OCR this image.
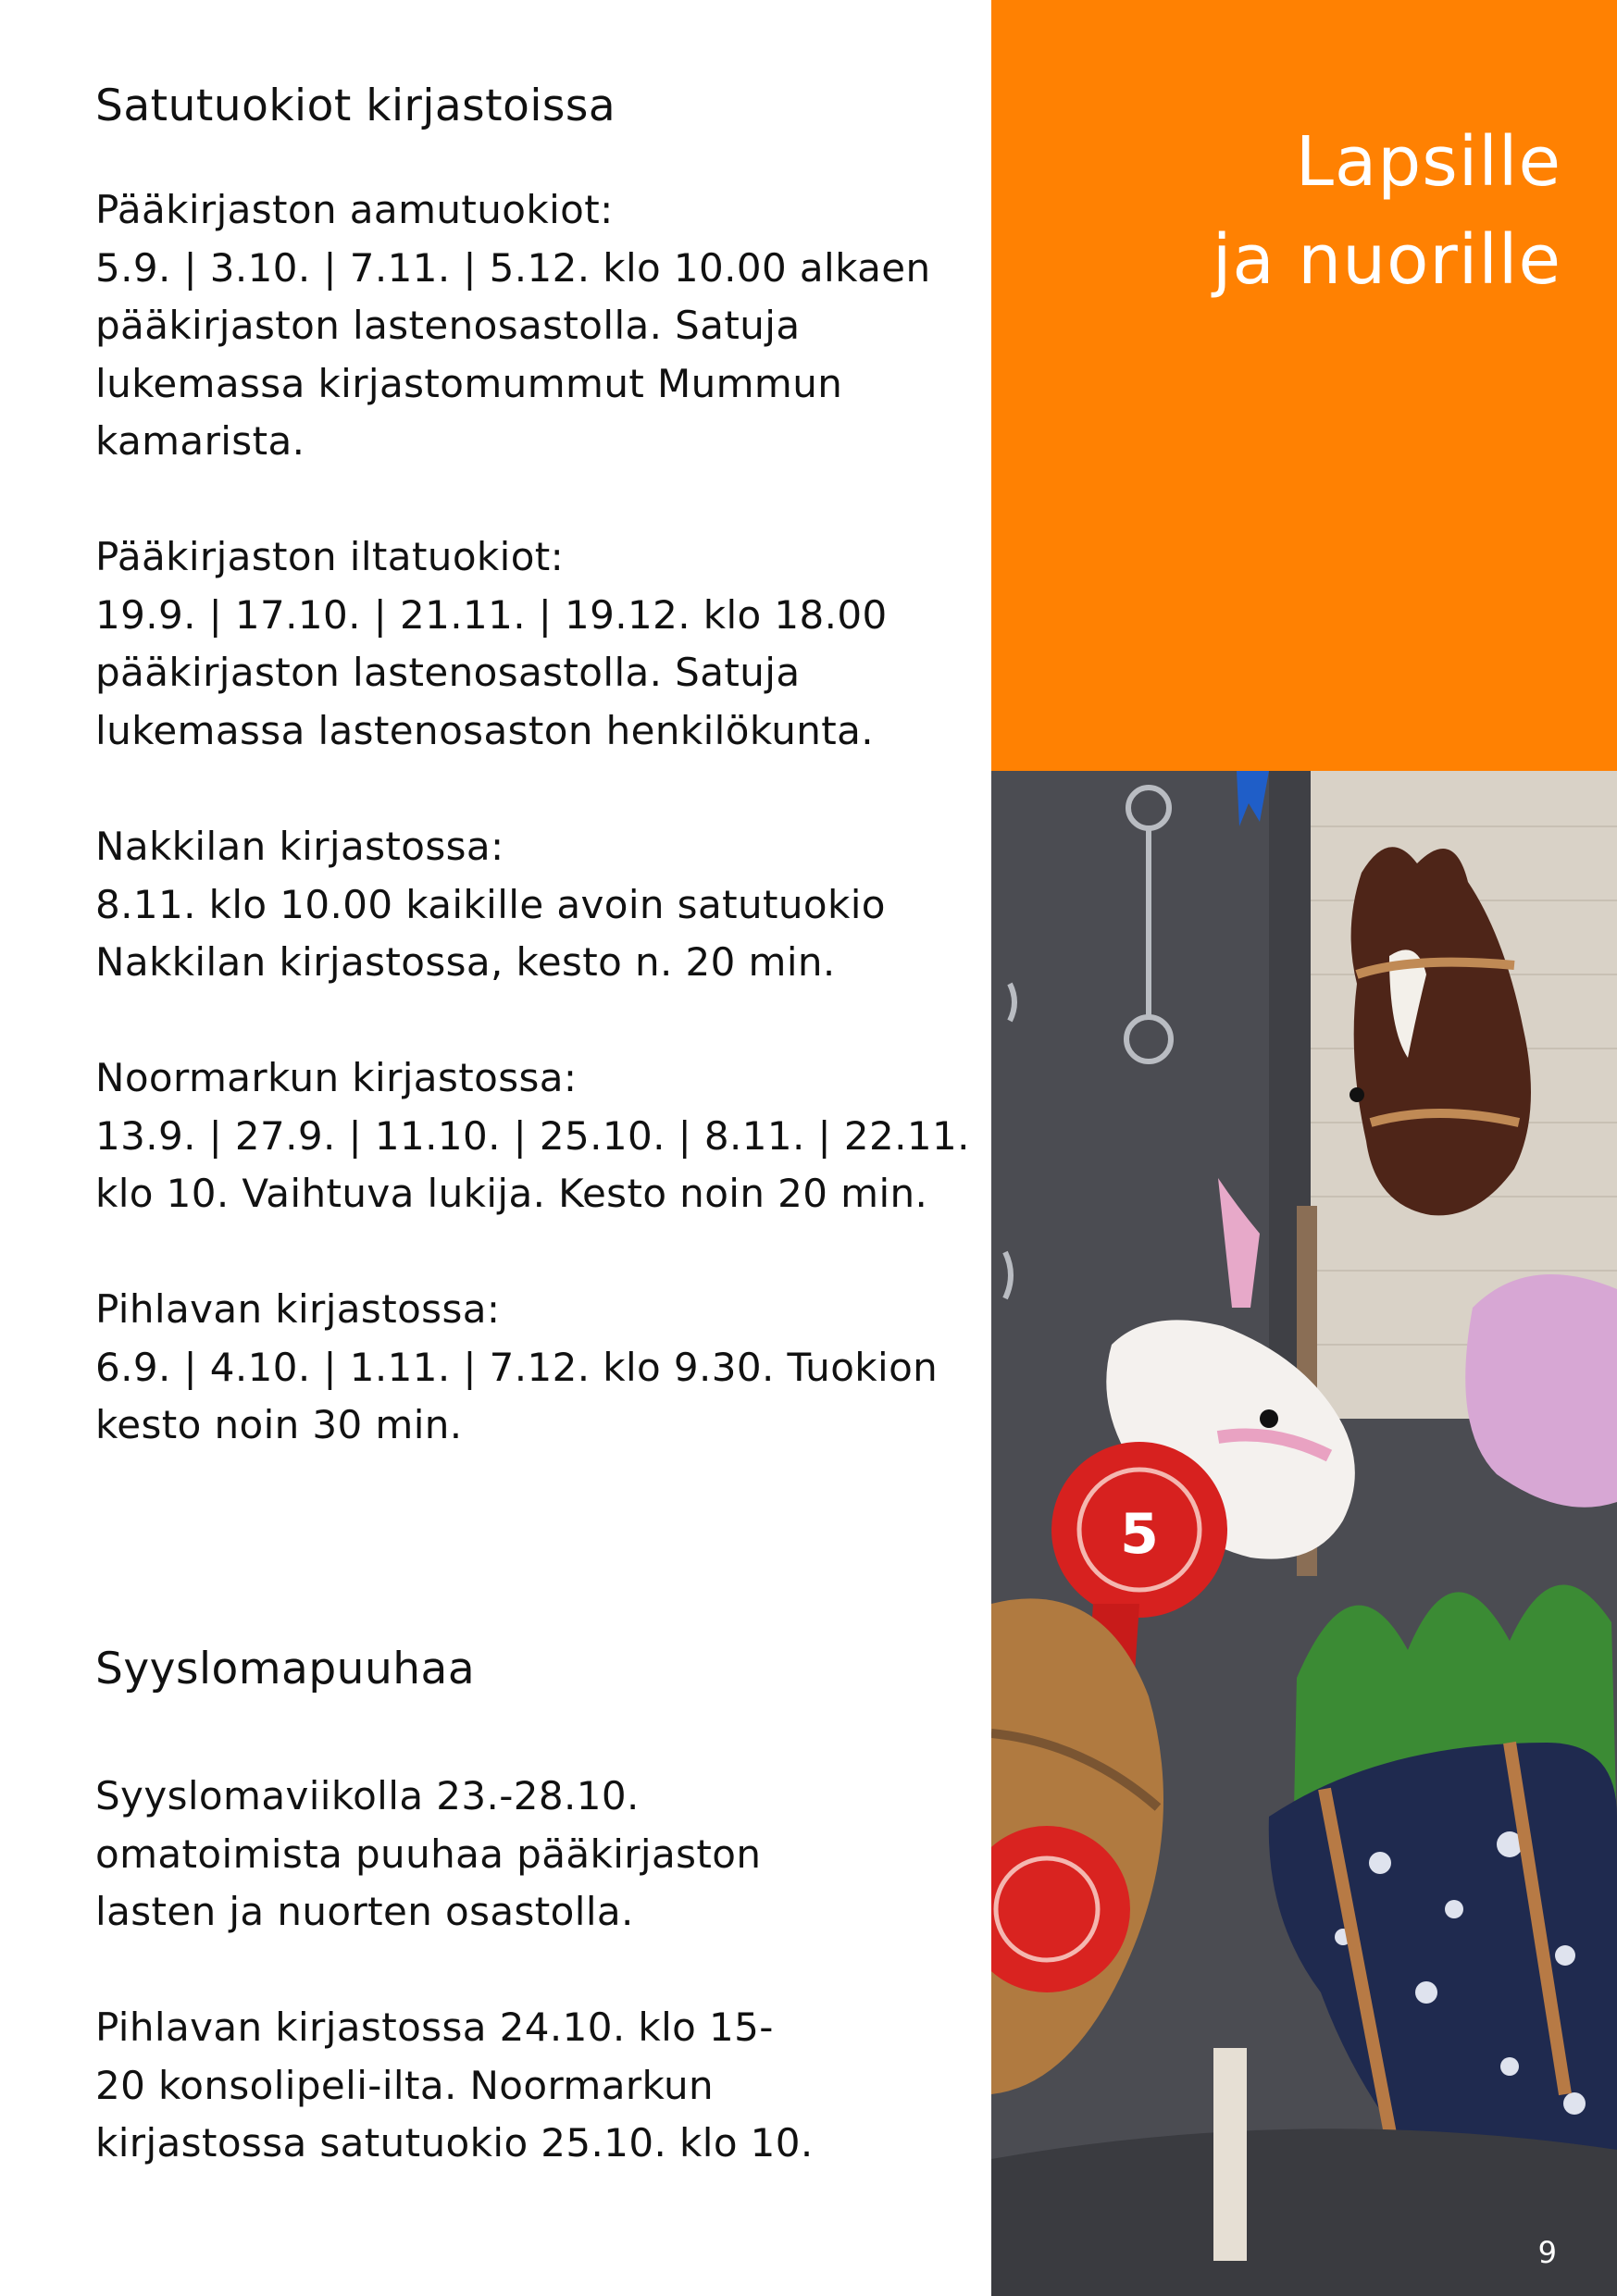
Satutuokiot kirjastoissa
Pääkirjaston aamutuokiot:
5.9. | 3.10. | 7.11. | 5.12. klo 10.00 alkaen
pääkirjaston lastenosastolla. Satuja
lukemassa kirjastomummut Mummun
kamarista.
Pääkirjaston iltatuokiot:
19.9. | 17.10. | 21.11. | 19.12. klo 18.00
pääkirjaston lastenosastolla. Satuja
lukemassa lastenosaston henkilökunta.
Nakkilan kirjastossa:
8.11. klo 10.00 kaikille avoin satutuokio
Nakkilan kirjastossa, kesto n. 20 min.
Noormarkun kirjastossa:
13.9. | 27.9. | 11.10. | 25.10. | 8.11. | 22.11.
klo 10. Vaihtuva lukija. Kesto noin 20 min.
Pihlavan kirjastossa:
6.9. | 4.10. | 1.11. | 7.12. klo 9.30. Tuokion
kesto noin 30 min.
Syyslomapuuhaa
Syyslomaviikolla 23.-28.10.
omatoimista puuhaa pääkirjaston
lasten ja nuorten osastolla.
Pihlavan kirjastossa 24.10. klo 15-
20 konsolipeli-ilta. Noormarkun
kirjastossa satutuokio 25.10. klo 10.
Lapsille
ja nuorille
5
9
